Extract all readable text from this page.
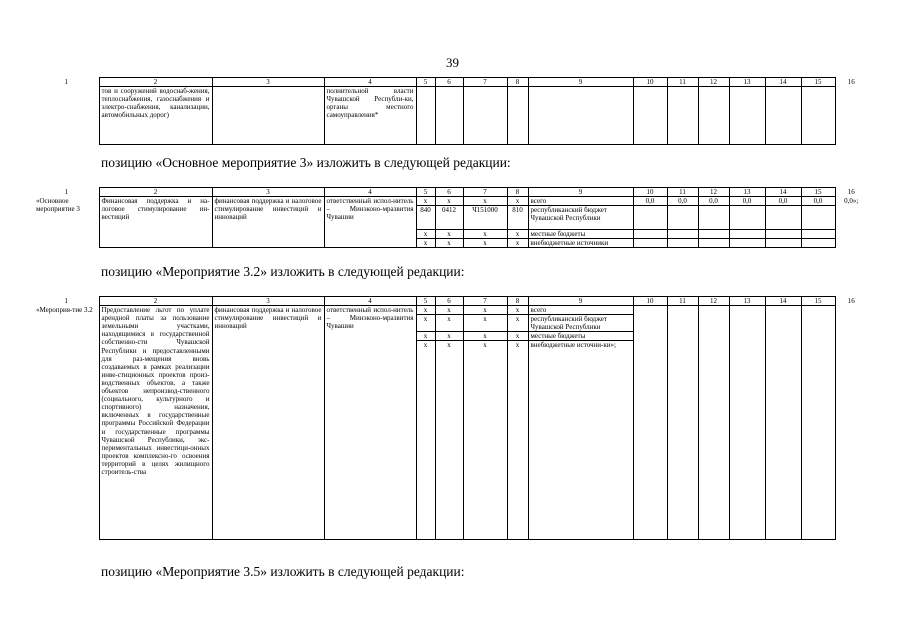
39
1	2	3	4	5	6	7	8	9	10	11	12	13	14	15	16
	тов и сооружений водоснаб-жения, теплоснабжения, газоснабжения и электро-снабжения, канализации, автомобильных дорог)		полнительной власти Чувашской Республи-ки, органы местного самоуправления*												
позицию «Основное мероприятие 3» изложить в следующей редакции:
1	2	3	4	5	6	7	8	9	10	11	12	13	14	15	16
«Основное мероприятие 3	Финансовая поддержка и на-логовое стимулирование ин-вестиций	финансовая поддержка и налоговое стимулирование инвестиций и инноваций	ответственный испол-нитель – Минэконо-мразвития Чувашии	x	x	x	x	всего	0,0	0,0	0,0	0,0	0,0	0,0	0,0»;
				840	0412	Ч151000	810	республиканский бюджет Чувашской Республики							
				x	x	x	x	местные бюджеты							
				x	x	x	x	внебюджетные источники							
позицию «Мероприятие 3.2» изложить в следующей редакции:
1	2	3	4	5	6	7	8	9	10	11	12	13	14	15	16
«Мероприя-тие 3.2	Предоставление льгот по уплате арендной платы за пользование земельными участками, находящимися в государственной собственно-сти Чувашской Республики и предоставленными для раз-мещения вновь создаваемых в рамках реализации инве-стиционных проектов произ-водственных объектов, а также объектов непроизвод-ственного (социального, культурного и спортивного) назначения, включенных в государственные программы Российской Федерации и государственные программы Чувашской Республики, экс-периментальных инвестици-онных проектов комплексно-го освоения территорий в целях жилищного строитель-ства	финансовая поддержка и налоговое стимулирование инвестиций и инноваций	ответственный испол-нитель – Минэконо-мразвития Чувашии	x	x	x	x	всего							
				x	x	x	x	республиканский бюджет Чувашской Республики							
				x	x	x	x	местные бюджеты							
				x	x	x	x	внебюджетные источни-ки»;							
позицию «Мероприятие 3.5» изложить в следующей редакции:
